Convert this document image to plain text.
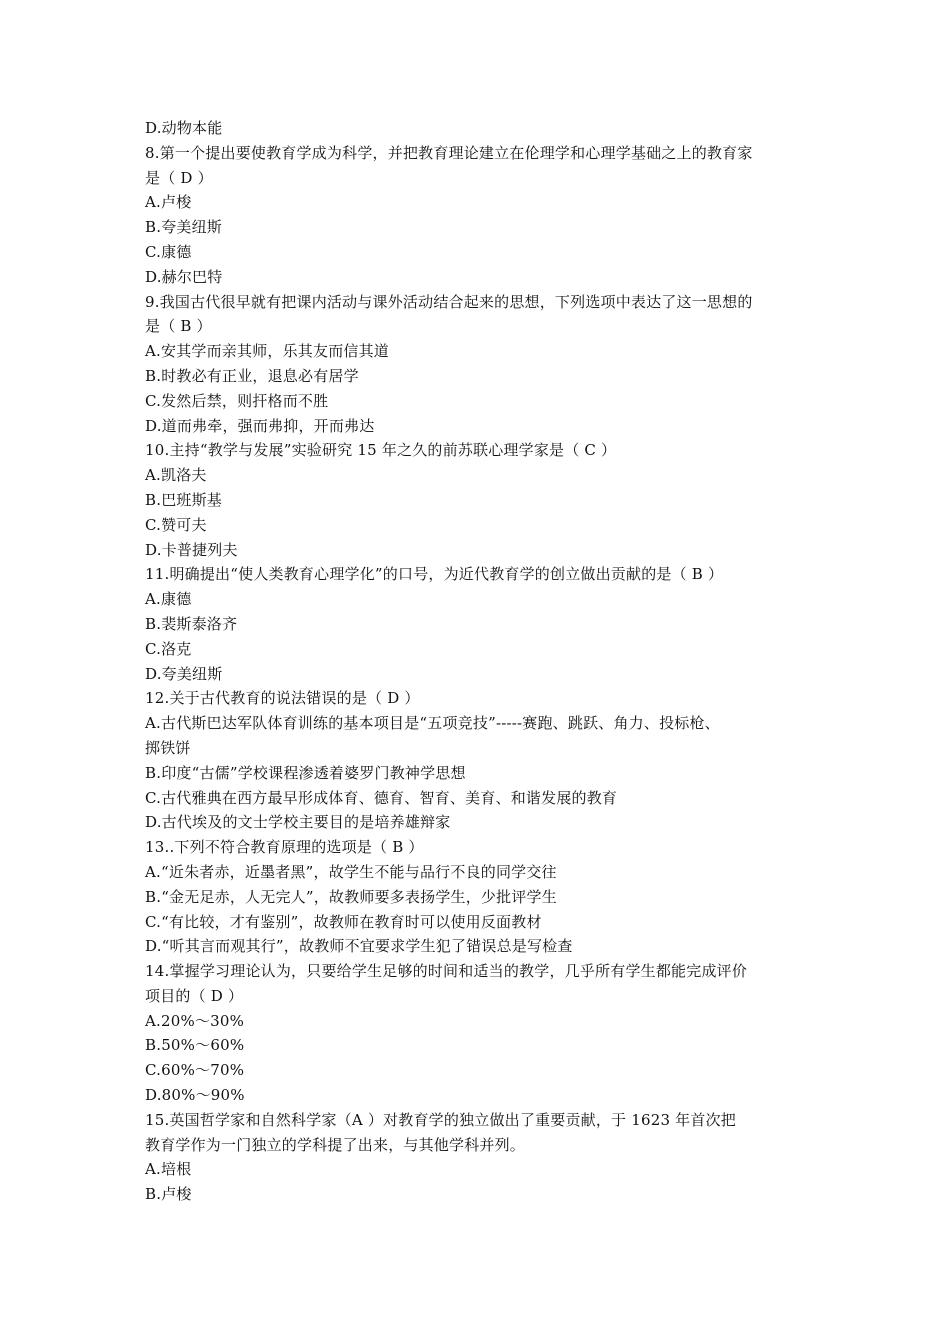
D.动物本能
8.第一个提出要使教育学成为科学，并把教育理论建立在伦理学和心理学基础之上的教育家
是（ D ）
A.卢梭
B.夸美纽斯
C.康德
D.赫尔巴特
9.我国古代很早就有把课内活动与课外活动结合起来的思想，下列选项中表达了这一思想的
是（ B ）
A.安其学而亲其师，乐其友而信其道
B.时教必有正业，退息必有居学
C.发然后禁，则扞格而不胜
D.道而弗牵，强而弗抑，开而弗达
10.主持“教学与发展”实验研究 15 年之久的前苏联心理学家是（ C ）
A.凯洛夫
B.巴班斯基
C.赞可夫
D.卡普捷列夫
11.明确提出“使人类教育心理学化”的口号，为近代教育学的创立做出贡献的是（ B ）
A.康德
B.裴斯泰洛齐
C.洛克
D.夸美纽斯
12.关于古代教育的说法错误的是（ D ）
A.古代斯巴达军队体育训练的基本项目是“五项竞技”-----赛跑、跳跃、角力、投标枪、
掷铁饼
B.印度“古儒”学校课程渗透着婆罗门教神学思想
C.古代雅典在西方最早形成体育、德育、智育、美育、和谐发展的教育
D.古代埃及的文士学校主要目的是培养雄辩家
13..下列不符合教育原理的选项是（ B ）
A.“近朱者赤，近墨者黑”，故学生不能与品行不良的同学交往
B.“金无足赤，人无完人”，故教师要多表扬学生，少批评学生
C.“有比较，才有鉴别”，故教师在教育时可以使用反面教材
D.“听其言而观其行”，故教师不宜要求学生犯了错误总是写检查
14.掌握学习理论认为，只要给学生足够的时间和适当的教学，几乎所有学生都能完成评价
项目的（ D ）
A.20%～30%
B.50%～60%
C.60%～70%
D.80%～90%
15.英国哲学家和自然科学家（A ）对教育学的独立做出了重要贡献，于 1623 年首次把
教育学作为一门独立的学科提了出来，与其他学科并列。
A.培根
B.卢梭
